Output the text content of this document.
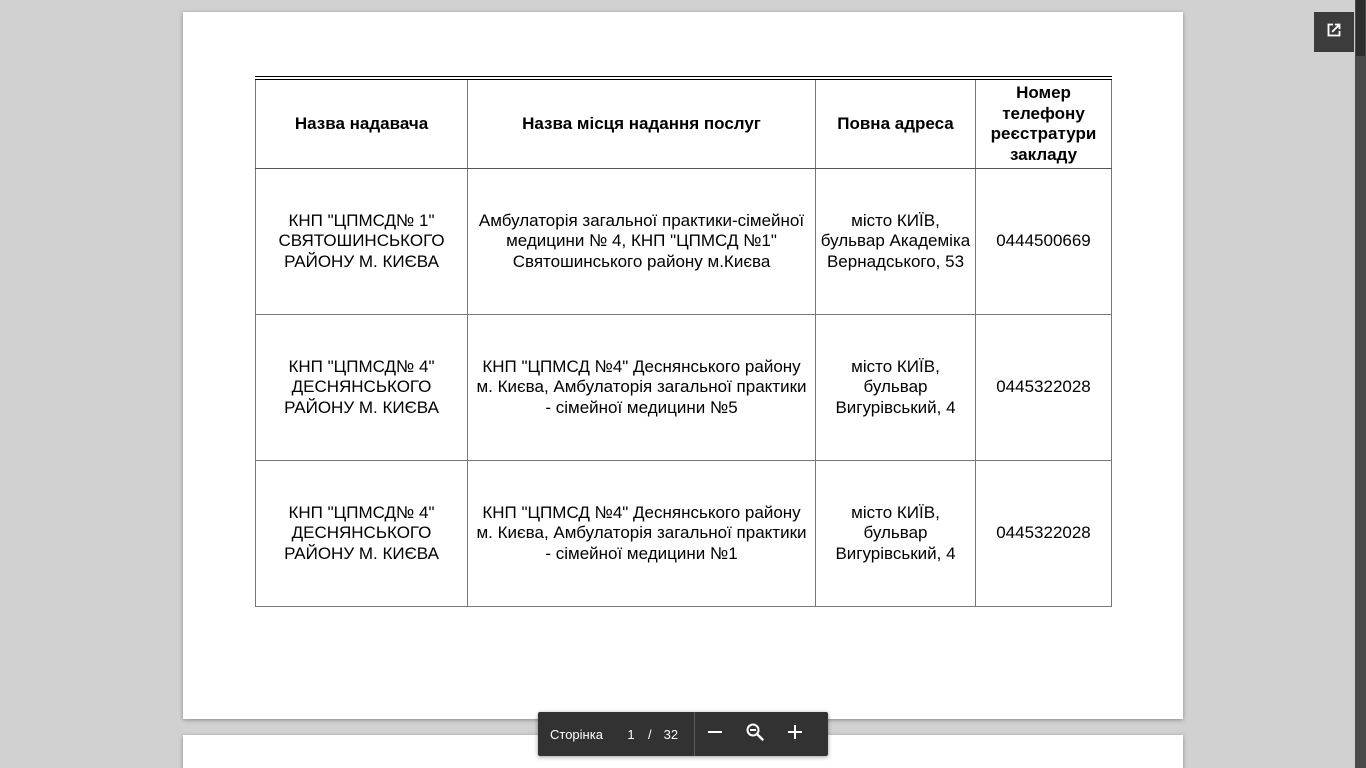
Назва надавача	Назва місця надання послуг	Повна адреса	Номер телефону реєстратури закладу
КНП "ЦПМСД№ 1" СВЯТОШИНСЬКОГО РАЙОНУ М. КИЄВА	Амбулаторія загальної практики-сімейної медицини № 4, КНП "ЦПМСД №1" Святошинського району м.Києва	місто КИЇВ, бульвар Академіка Вернадського, 53	0444500669
КНП "ЦПМСД№ 4" ДЕСНЯНСЬКОГО РАЙОНУ М. КИЄВА	КНП "ЦПМСД №4" Деснянського району м. Києва, Амбулаторія загальної практики - сімейної медицини №5	місто КИЇВ, бульвар Вигурівський, 4	0445322028
КНП "ЦПМСД№ 4" ДЕСНЯНСЬКОГО РАЙОНУ М. КИЄВА	КНП "ЦПМСД №4" Деснянського району м. Києва, Амбулаторія загальної практики - сімейної медицини №1	місто КИЇВ, бульвар Вигурівський, 4	0445322028
Сторінка	1	/ 32
